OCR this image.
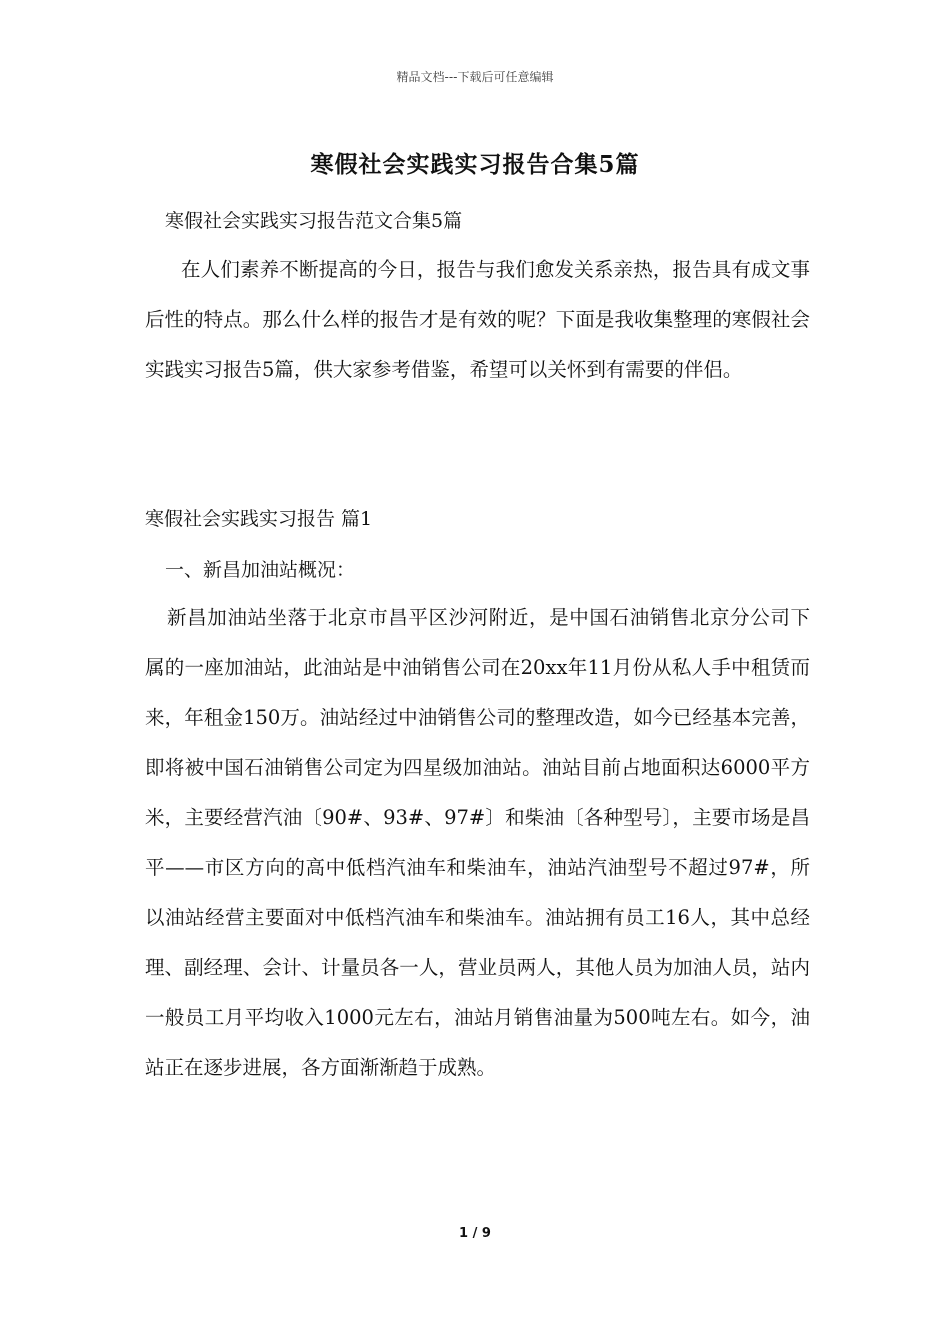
精品文档---下载后可任意编辑
寒假社会实践实习报告合集5篇
寒假社会实践实习报告范文合集5篇
在人们素养不断提高的今日，报告与我们愈发关系亲热，报告具有成文事后性的特点。那么什么样的报告才是有效的呢？下面是我收集整理的寒假社会实践实习报告5篇，供大家参考借鉴，希望可以关怀到有需要的伴侣。
寒假社会实践实习报告 篇1
一、新昌加油站概况：
新昌加油站坐落于北京市昌平区沙河附近，是中国石油销售北京分公司下属的一座加油站，此油站是中油销售公司在20xx年11月份从私人手中租赁而来，年租金150万。油站经过中油销售公司的整理改造，如今已经基本完善，即将被中国石油销售公司定为四星级加油站。油站目前占地面积达6000平方米，主要经营汽油〔90#、93#、97#〕和柴油〔各种型号〕，主要市场是昌平——市区方向的高中低档汽油车和柴油车，油站汽油型号不超过97#，所以油站经营主要面对中低档汽油车和柴油车。油站拥有员工16人，其中总经理、副经理、会计、计量员各一人，营业员两人，其他人员为加油人员，站内一般员工月平均收入1000元左右，油站月销售油量为500吨左右。如今，油站正在逐步进展，各方面渐渐趋于成熟。
1 / 9
